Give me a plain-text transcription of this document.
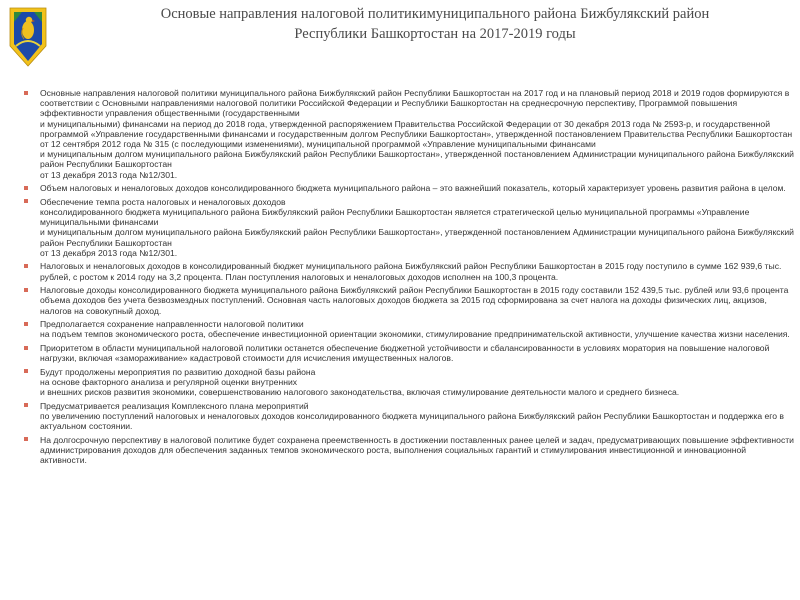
Основые направления налоговой политикимуниципального района Бижбулякский район
Республики Башкортостан на 2017-2019 годы
Основные направления налоговой политики муниципального района Бижбулякский район Республики Башкортостан на 2017 год и на плановый период 2018 и 2019 годов формируются в соответствии с Основными направлениями налоговой политики Российской Федерации и Республики Башкортостан на среднесрочную перспективу, Программой повышения эффективности управления общественными (государственными
и муниципальными) финансами на период до 2018 года, утвержденной распоряжением Правительства Российской Федерации от 30 декабря 2013 года № 2593-р, и государственной программой «Управление государственными финансами и государственным долгом Республики Башкортостан», утвержденной постановлением Правительства Республики Башкортостан
от 12 сентября 2012 года № 315 (с последующими изменениями), муниципальной программой «Управление муниципальными финансами
и муниципальным долгом муниципального района Бижбулякский район Республики Башкортостан», утвержденной постановлением Администрации муниципального района Бижбулякский район Республики Башкортостан
от 13 декабря 2013 года №12/301.
Объем налоговых и неналоговых доходов консолидированного бюджета муниципального района – это важнейший показатель, который характеризует уровень развития района в целом.
Обеспечение темпа роста налоговых и неналоговых доходов
консолидированного бюджета муниципального района Бижбулякский район Республики Башкортостан является стратегической целью муниципальной программы «Управление муниципальными финансами
и муниципальным долгом муниципального района Бижбулякский район Республики Башкортостан», утвержденной постановлением Администрации муниципального района Бижбулякский район Республики Башкортостан
от 13 декабря 2013 года №12/301.
Налоговых и неналоговых доходов в консолидированный бюджет муниципального района Бижбулякский район Республики Башкортостан в 2015 году поступило в сумме 162 939,6 тыс. рублей, с ростом к 2014 году на 3,2 процента. План поступления налоговых и неналоговых доходов исполнен на 100,3 процента.
Налоговые доходы консолидированного бюджета муниципального района Бижбулякский район Республики Башкортостан в 2015 году составили 152 439,5 тыс. рублей или 93,6 процента объема доходов без учета безвозмездных поступлений. Основная часть налоговых доходов бюджета за 2015 год сформирована за счет налога на доходы физических лиц, акцизов, налогов на совокупный доход.
Предполагается сохранение направленности налоговой политики
на подъем темпов экономического роста, обеспечение инвестиционной ориентации экономики, стимулирование предпринимательской активности, улучшение качества жизни населения.
Приоритетом в области муниципальной налоговой политики останется обеспечение бюджетной устойчивости и сбалансированности в условиях моратория на повышение налоговой нагрузки, включая «замораживание» кадастровой стоимости для исчисления имущественных налогов.
Будут продолжены мероприятия по развитию доходной базы района
на основе факторного анализа и регулярной оценки внутренних
и внешних рисков развития экономики, совершенствованию налогового законодательства, включая стимулирование деятельности малого и среднего бизнеса.
Предусматривается реализация Комплексного плана мероприятий
по увеличению поступлений налоговых и неналоговых доходов консолидированного бюджета муниципального района Бижбулякский район Республики Башкортостан и поддержка его в актуальном состоянии.
На долгосрочную перспективу в налоговой политике будет сохранена преемственность в достижении поставленных ранее целей и задач, предусматривающих повышение эффективности администрирования доходов для обеспечения заданных темпов экономического роста, выполнения социальных гарантий и стимулирования инвестиционной и инновационной активности.
